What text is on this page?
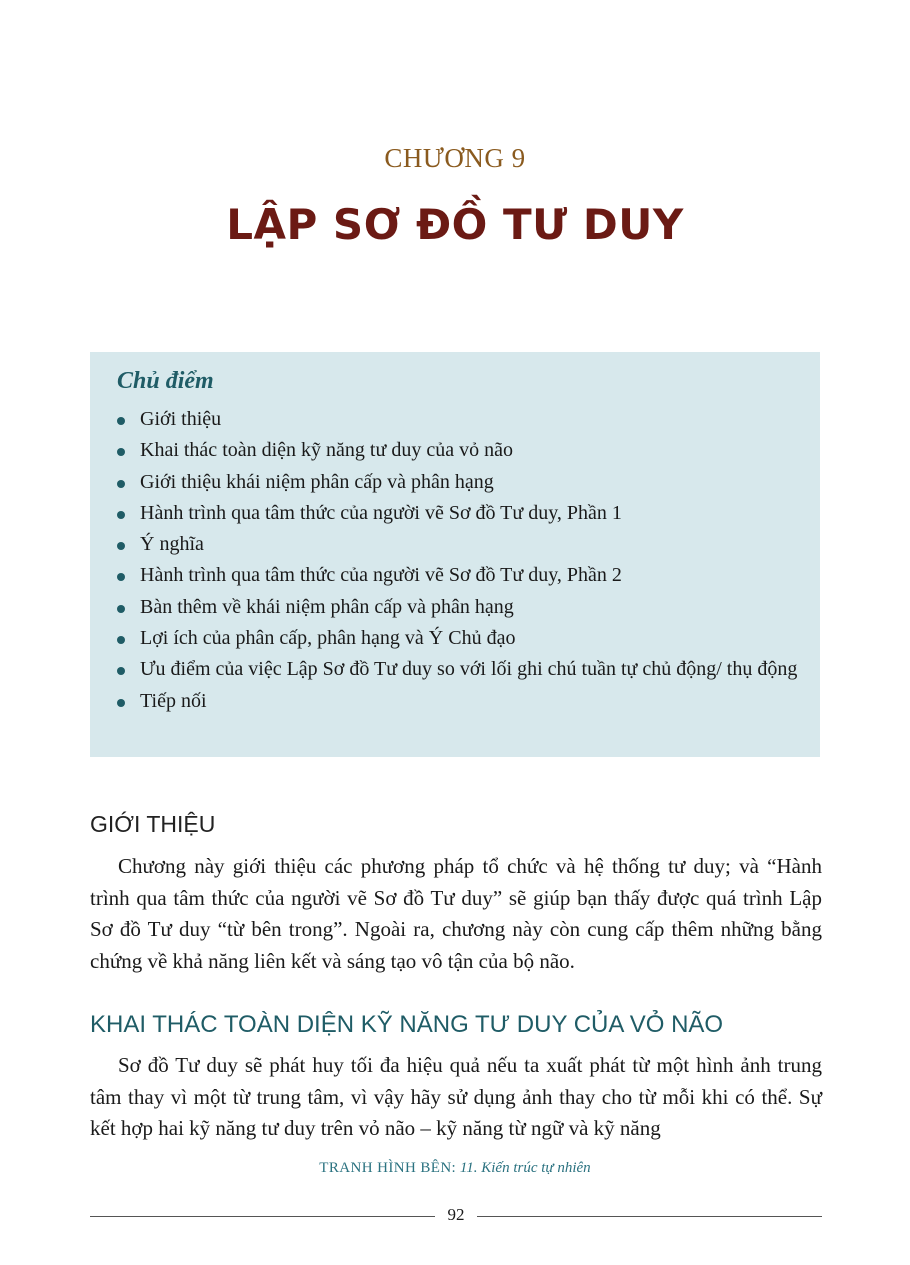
CHƯƠNG 9
LẬP SƠ ĐỒ TƯ DUY
Chủ điểm
Giới thiệu
Khai thác toàn diện kỹ năng tư duy của vỏ não
Giới thiệu khái niệm phân cấp và phân hạng
Hành trình qua tâm thức của người vẽ Sơ đồ Tư duy, Phần 1
Ý nghĩa
Hành trình qua tâm thức của người vẽ Sơ đồ Tư duy, Phần 2
Bàn thêm về khái niệm phân cấp và phân hạng
Lợi ích của phân cấp, phân hạng và Ý Chủ đạo
Ưu điểm của việc Lập Sơ đồ Tư duy so với lối ghi chú tuần tự chủ động/ thụ động
Tiếp nối
GIỚI THIỆU

Chương này giới thiệu các phương pháp tổ chức và hệ thống tư duy; và “Hành trình qua tâm thức của người vẽ Sơ đồ Tư duy” sẽ giúp bạn thấy được quá trình Lập Sơ đồ Tư duy “từ bên trong”. Ngoài ra, chương này còn cung cấp thêm những bằng chứng về khả năng liên kết và sáng tạo vô tận của bộ não.

KHAI THÁC TOÀN DIỆN KỸ NĂNG TƯ DUY CỦA VỎ NÃO

Sơ đồ Tư duy sẽ phát huy tối đa hiệu quả nếu ta xuất phát từ một hình ảnh trung tâm thay vì một từ trung tâm, vì vậy hãy sử dụng ảnh thay cho từ mỗi khi có thể. Sự kết hợp hai kỹ năng tư duy trên vỏ não – kỹ năng từ ngữ và kỹ năng

TRANH HÌNH BÊN: 11. Kiến trúc tự nhiên
92
